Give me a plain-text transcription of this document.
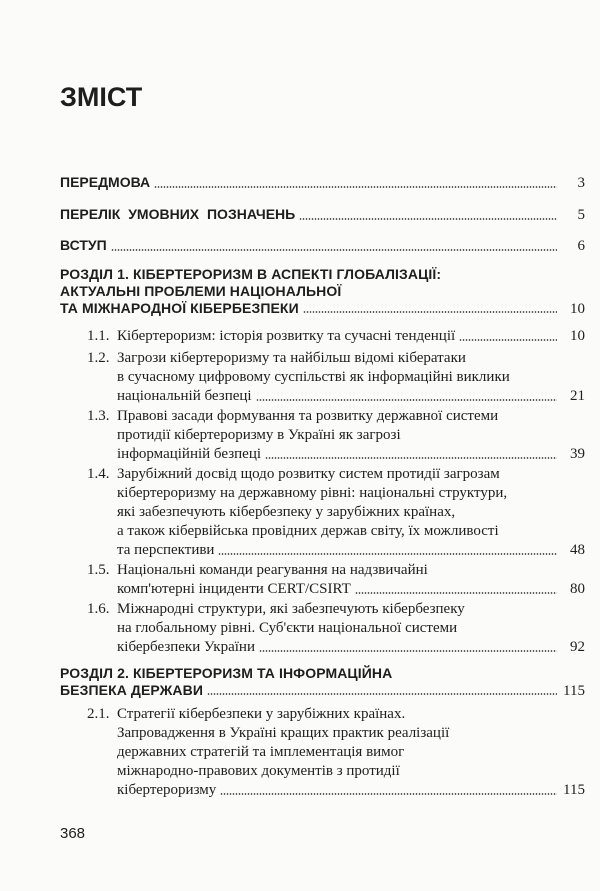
ЗМІСТ
ПЕРЕДМОВА	3
ПЕРЕЛІК УМОВНИХ ПОЗНАЧЕНЬ	5
ВСТУП	6
РОЗДІЛ 1. КІБЕРТЕРОРИЗМ В АСПЕКТІ ГЛОБАЛІЗАЦІЇ:
АКТУАЛЬНІ ПРОБЛЕМИ НАЦІОНАЛЬНОЇ
ТА МІЖНАРОДНОЇ КІБЕРБЕЗПЕКИ	10
1.1. Кібертероризм: історія розвитку та сучасні тенденції	10
1.2. Загрози кібертероризму та найбільш відомі кібератаки
в сучасному цифровому суспільстві як інформаційні виклики
національній безпеці	21
1.3. Правові засади формування та розвитку державної системи
протидії кібертероризму в Україні як загрозі
інформаційній безпеці	39
1.4. Зарубіжний досвід щодо розвитку систем протидії загрозам
кібертероризму на державному рівні: національні структури,
які забезпечують кібербезпеку у зарубіжних країнах,
а також кібервійська провідних держав світу, їх можливості
та перспективи	48
1.5. Національні команди реагування на надзвичайні
комп'ютерні інциденти CERT/CSIRT	80
1.6. Міжнародні структури, які забезпечують кібербезпеку
на глобальному рівні. Суб'єкти національної системи
кібербезпеки України	92
РОЗДІЛ 2. КІБЕРТЕРОРИЗМ ТА ІНФОРМАЦІЙНА
БЕЗПЕКА ДЕРЖАВИ	115
2.1. Стратегії кібербезпеки у зарубіжних країнах.
Запровадження в Україні кращих практик реалізації
державних стратегій та імплементація вимог
міжнародно-правових документів з протидії
кібертероризму	115
368
